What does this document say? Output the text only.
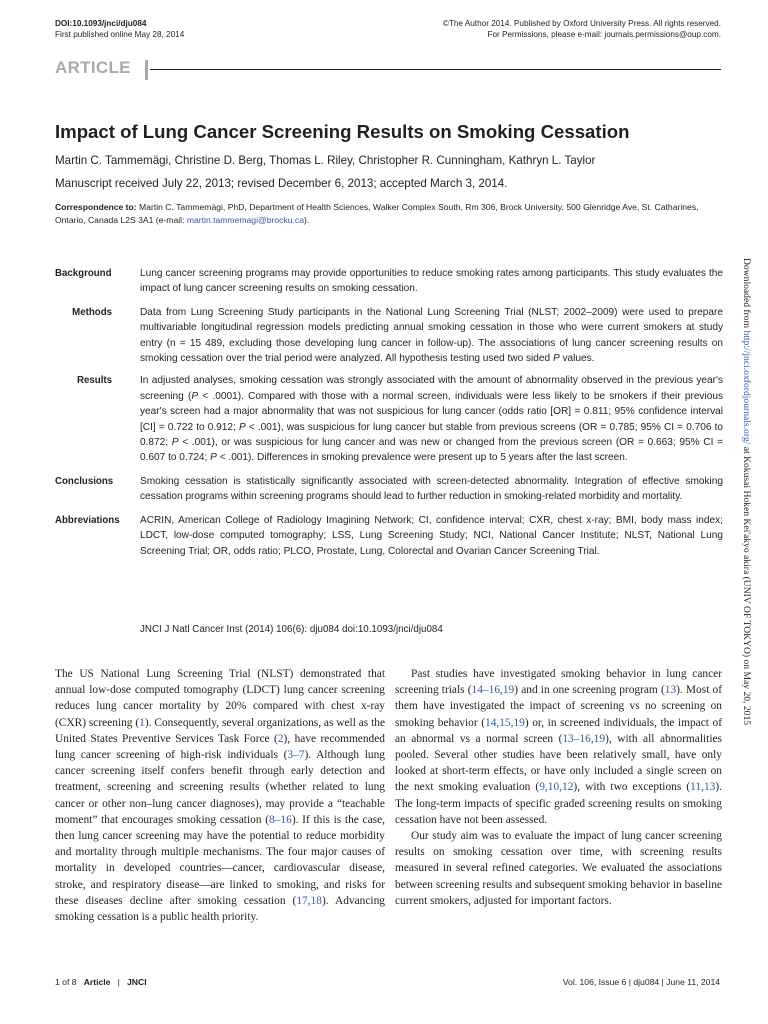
DOI:10.1093/jnci/dju084
First published online May 28, 2014
©The Author 2014. Published by Oxford University Press. All rights reserved.
For Permissions, please e-mail: journals.permissions@oup.com.
ARTICLE
Impact of Lung Cancer Screening Results on Smoking Cessation
Martin C. Tammemägi, Christine D. Berg, Thomas L. Riley, Christopher R. Cunningham, Kathryn L. Taylor
Manuscript received July 22, 2013; revised December 6, 2013; accepted March 3, 2014.
Correspondence to: Martin C. Tammemägi, PhD, Department of Health Sciences, Walker Complex South, Rm 306, Brock University, 500 Glenridge Ave, St. Catharines, Ontario, Canada L2S 3A1 (e-mail: martin.tammemagi@brocku.ca).
Background	Lung cancer screening programs may provide opportunities to reduce smoking rates among participants. This study evaluates the impact of lung cancer screening results on smoking cessation.
Methods	Data from Lung Screening Study participants in the National Lung Screening Trial (NLST; 2002–2009) were used to prepare multivariable longitudinal regression models predicting annual smoking cessation in those who were current smokers at study entry (n = 15 489, excluding those developing lung cancer in follow-up). The associations of lung cancer screening results on smoking cessation over the trial period were analyzed. All hypothesis testing used two sided P values.
Results	In adjusted analyses, smoking cessation was strongly associated with the amount of abnormality observed in the previous year's screening (P < .0001). Compared with those with a normal screen, individuals were less likely to be smokers if their previous year's screen had a major abnormality that was not suspicious for lung cancer (odds ratio [OR] = 0.811; 95% confidence interval [CI] = 0.722 to 0.912; P < .001), was suspicious for lung cancer but stable from previous screens (OR = 0.785; 95% CI = 0.706 to 0.872; P < .001), or was suspicious for lung cancer and was new or changed from the previous screen (OR = 0.663; 95% CI = 0.607 to 0.724; P < .001). Differences in smoking prevalence were present up to 5 years after the last screen.
Conclusions	Smoking cessation is statistically significantly associated with screen-detected abnormality. Integration of effective smoking cessation programs within screening programs should lead to further reduction in smoking-related morbidity and mortality.
Abbreviations	ACRIN, American College of Radiology Imagining Network; CI, confidence interval; CXR, chest x-ray; BMI, body mass index; LDCT, low-dose computed tomography; LSS, Lung Screening Study; NCI, National Cancer Institute; NLST, National Lung Screening Trial; OR, odds ratio; PLCO, Prostate, Lung, Colorectal and Ovarian Cancer Screening Trial.
JNCI J Natl Cancer Inst (2014) 106(6): dju084 doi:10.1093/jnci/dju084

The US National Lung Screening Trial (NLST) demonstrated that annual low-dose computed tomography (LDCT) lung cancer screening reduces lung cancer mortality by 20% compared with chest x-ray (CXR) screening (1). Consequently, several organizations, as well as the United States Preventive Services Task Force (2), have recommended lung cancer screening of high-risk individuals (3–7). Although lung cancer screening itself confers benefit through early detection and treatment, screening and screening results (whether related to lung cancer or other non–lung cancer diagnoses), may provide a “teachable moment” that encourages smoking cessation (8–16). If this is the case, then lung cancer screening may have the potential to reduce morbidity and mortality through multiple mechanisms. The four major causes of mortality in developed countries—cancer, cardiovascular disease, stroke, and respiratory disease—are linked to smoking, and risks for these diseases decline after smoking cessation (17,18). Advancing smoking cessation is a public health priority.

Past studies have investigated smoking behavior in lung cancer screening trials (14–16,19) and in one screening program (13). Most of them have investigated the impact of screening vs no screening on smoking behavior (14,15,19) or, in screened individuals, the impact of an abnormal vs a normal screen (13–16,19), with all abnormalities pooled. Several other studies have been relatively small, have only looked at short-term effects, or have only included a single screen on the next smoking evaluation (9,10,12), with two exceptions (11,13). The long-term impacts of specific graded screening results on smoking cessation have not been assessed.

Our study aim was to evaluate the impact of lung cancer screening results on smoking cessation over time, with screening results measured in several refined categories. We evaluated the associations between screening results and subsequent smoking behavior in baseline current smokers, adjusted for important factors.

Downloaded from http://jnci.oxfordjournals.org/ at Kokusai Hoken Kei'akyo akira (UNIV OF TOKYO) on May 20, 2015
1 of 8 Article | JNCI	Vol. 106, Issue 6 | dju084 | June 11, 2014
